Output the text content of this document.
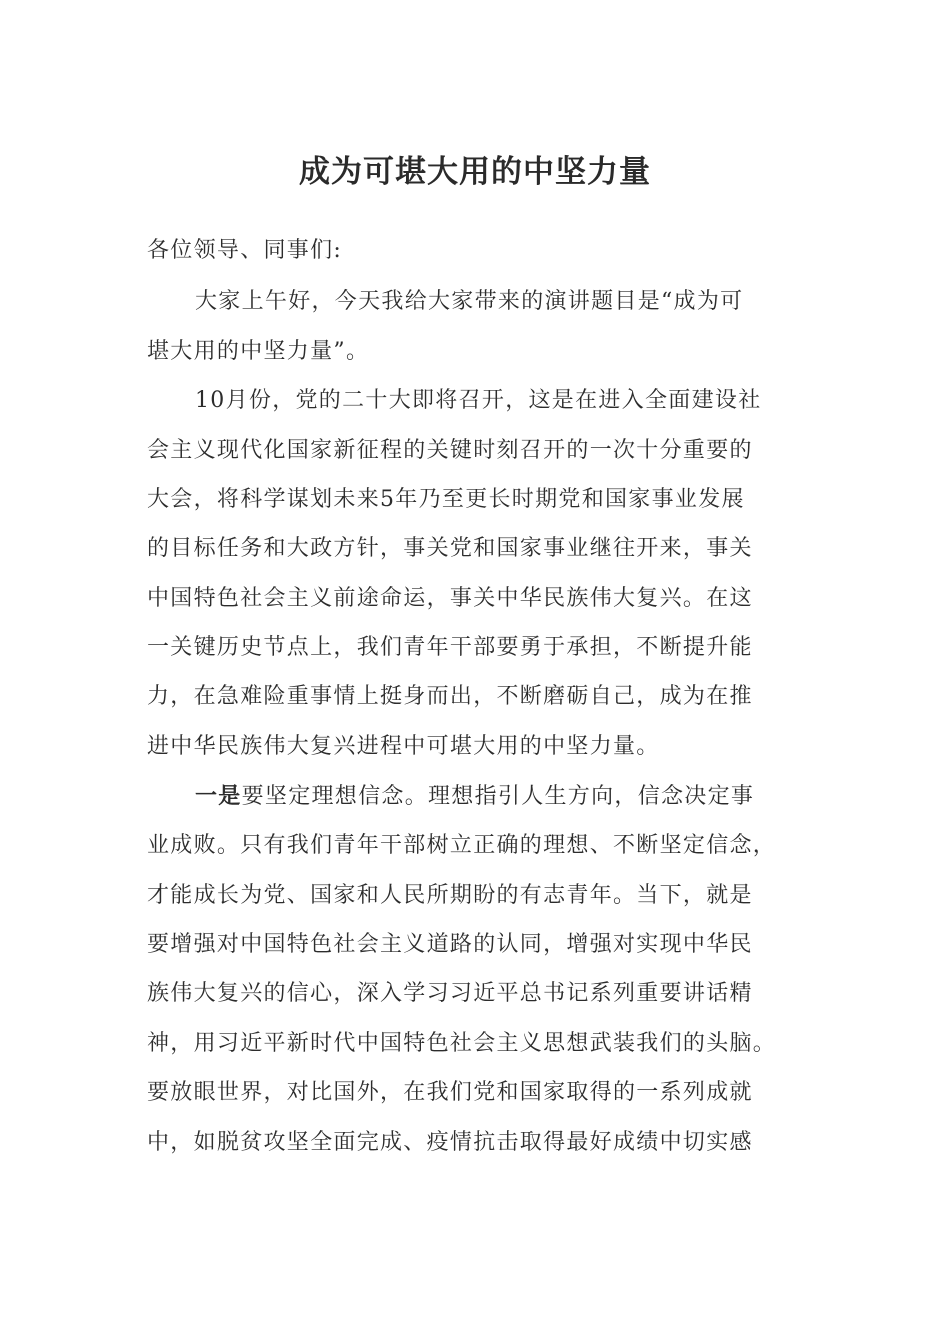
成为可堪大用的中坚力量
各位领导、同事们:
大家上午好，今天我给大家带来的演讲题目是“成为可
堪大用的中坚力量”。
10月份，党的二十大即将召开，这是在进入全面建设社
会主义现代化国家新征程的关键时刻召开的一次十分重要的
大会，将科学谋划未来5年乃至更长时期党和国家事业发展
的目标任务和大政方针，事关党和国家事业继往开来，事关
中国特色社会主义前途命运，事关中华民族伟大复兴。在这
一关键历史节点上，我们青年干部要勇于承担，不断提升能
力，在急难险重事情上挺身而出，不断磨砺自己，成为在推
进中华民族伟大复兴进程中可堪大用的中坚力量。
一是要坚定理想信念。理想指引人生方向，信念决定事
业成败。只有我们青年干部树立正确的理想、不断坚定信念，
才能成长为党、国家和人民所期盼的有志青年。当下，就是
要增强对中国特色社会主义道路的认同，增强对实现中华民
族伟大复兴的信心，深入学习习近平总书记系列重要讲话精
神，用习近平新时代中国特色社会主义思想武装我们的头脑。
要放眼世界，对比国外，在我们党和国家取得的一系列成就
中，如脱贫攻坚全面完成、疫情抗击取得最好成绩中切实感
